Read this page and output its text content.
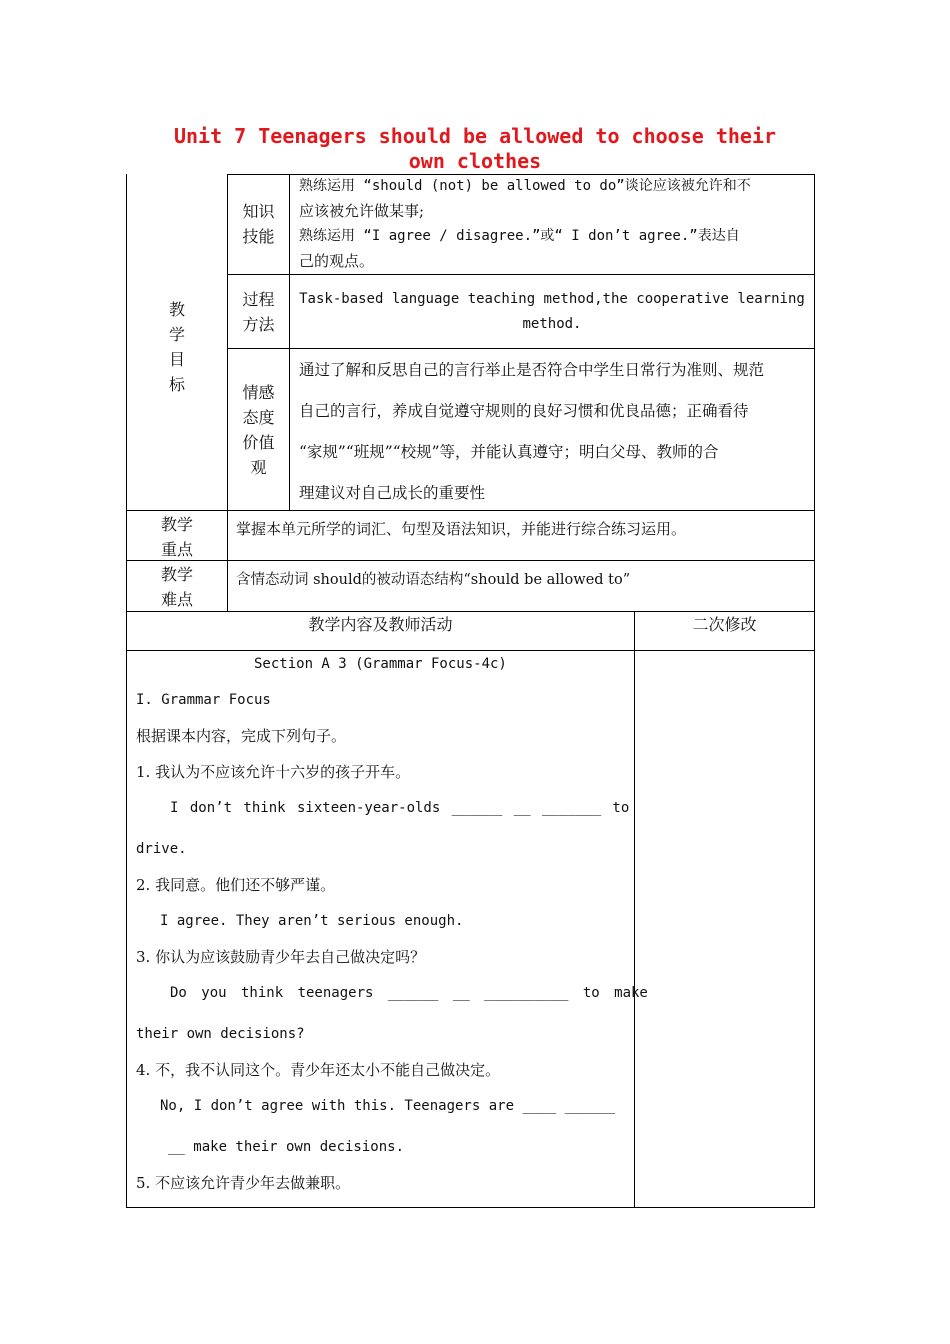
Unit 7 Teenagers should be allowed to choose their own clothes
教
学
目
标
知识
技能
熟练运用 “should (not) be allowed to do”谈论应该被允许和不
应该被允许做某事;
熟练运用 “I agree / disagree.”或“ I don’t agree.”表达自
己的观点。
过程
方法
Task-based language teaching method,the cooperative learning
method.
情感
态度
价值
观
通过了解和反思自己的言行举止是否符合中学生日常行为准则、规范
自己的言行，养成自觉遵守规则的良好习惯和优良品德；正确看待
“家规”“班规”“校规”等，并能认真遵守；明白父母、教师的合
理建议对自己成长的重要性
教学
重点
掌握本单元所学的词汇、句型及语法知识，并能进行综合练习运用。
教学
难点
含情态动词 should的被动语态结构“should be allowed to”
教学内容及教师活动	二次修改
Section A 3 (Grammar Focus-4c)
I. Grammar Focus
根据课本内容，完成下列句子。
1. 我认为不应该允许十六岁的孩子开车。
I don’t think sixteen-year-olds ______ __ _______ to
drive.
2. 我同意。他们还不够严谨。
I agree. They aren’t serious enough.
3. 你认为应该鼓励青少年去自己做决定吗？
Do you think teenagers ______ __ __________ to make
their own decisions?
4. 不，我不认同这个。青少年还太小不能自己做决定。
No, I don’t agree with this. Teenagers are ____ ______
__ make their own decisions.
5. 不应该允许青少年去做兼职。
